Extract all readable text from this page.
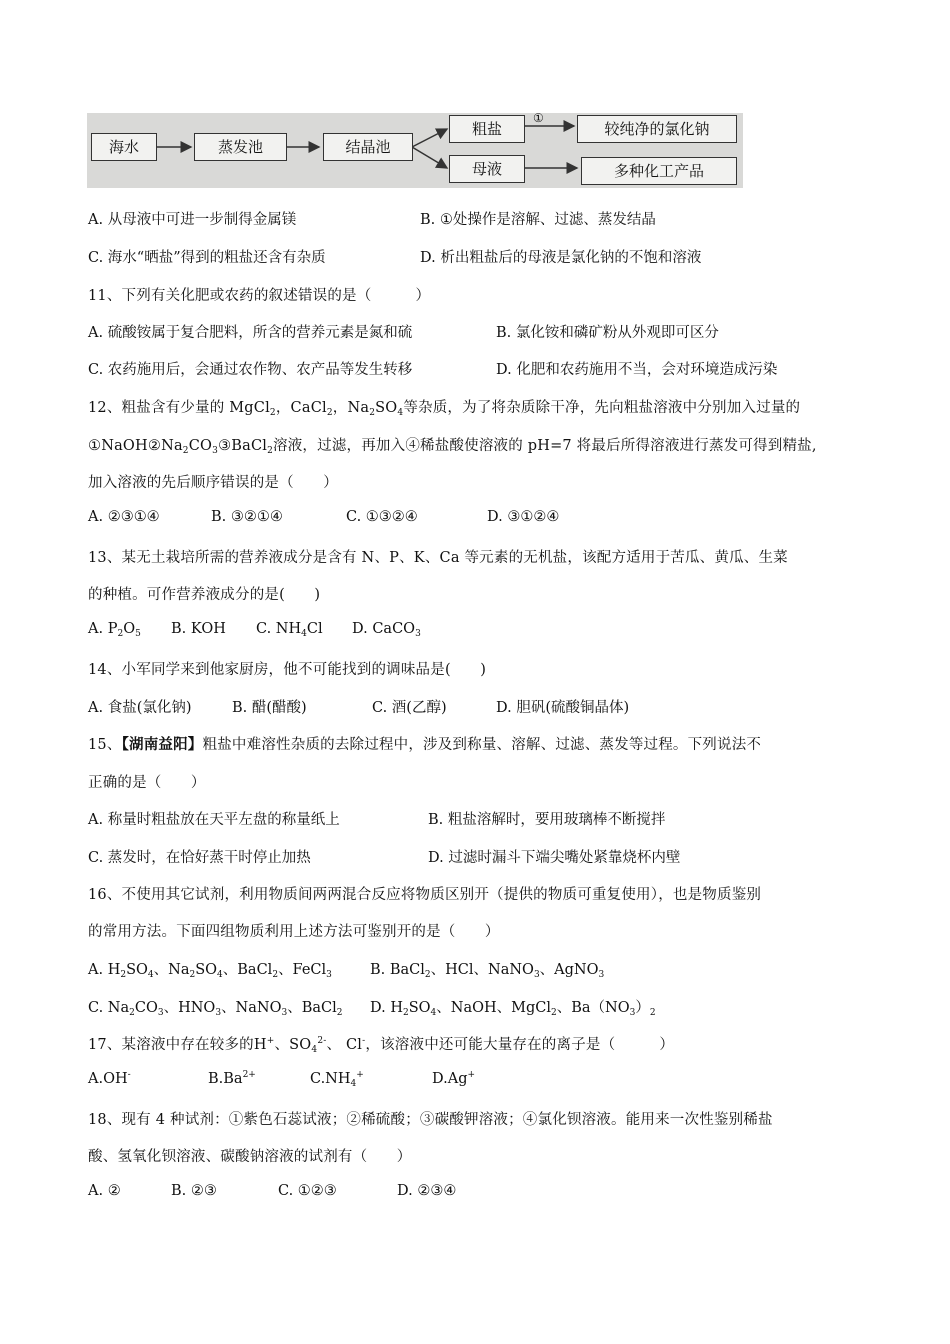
海水	蒸发池	结晶池
粗盐
母液
较纯净的氯化钠
多种化工产品
①
A. 从母液中可进一步制得金属镁	B. ①处操作是溶解、过滤、蒸发结晶
C. 海水“晒盐”得到的粗盐还含有杂质	D. 析出粗盐后的母液是氯化钠的不饱和溶液
11、下列有关化肥或农药的叙述错误的是（　　　）
A. 硫酸铵属于复合肥料，所含的营养元素是氮和硫	B. 氯化铵和磷矿粉从外观即可区分
C. 农药施用后，会通过农作物、农产品等发生转移	D. 化肥和农药施用不当，会对环境造成污染
12、粗盐含有少量的 MgCl$_2$，CaCl$_2$，$Na_2SO_4$等杂质，为了将杂质除干净，先向粗盐溶液中分别加入过量的
$①NaOH②Na_2CO_3③BaCl_2$溶液，过滤，再加入④稀盐酸使溶液的 pH=7 将最后所得溶液进行蒸发可得到精盐,
加入溶液的先后顺序错误的是（　　）
A. ②③①④	B. ③②①④	C. ①③②④	D. ③①②④
13、某无土栽培所需的营养液成分是含有 N、P、K、Ca 等元素的无机盐，该配方适用于苦瓜、黄瓜、生菜
的种植。可作营养液成分的是(　　)
A. $P_2O_5$ B. KOH C. $NH_4Cl$ D. CaCO$_3$
14、小军同学来到他家厨房，他不可能找到的调味品是(　　)
A. 食盐(氯化钠)	B. 醋(醋酸)	C. 酒(乙醇)	D. 胆矾(硫酸铜晶体)
15、【湖南益阳】粗盐中难溶性杂质的去除过程中，涉及到称量、溶解、过滤、蒸发等过程。下列说法不
正确的是（　　）
A. 称量时粗盐放在天平左盘的称量纸上	B. 粗盐溶解时，要用玻璃棒不断搅拌
C. 蒸发时，在恰好蒸干时停止加热	D. 过滤时漏斗下端尖嘴处紧靠烧杯内壁
16、不使用其它试剂，利用物质间两两混合反应将物质区别开（提供的物质可重复使用），也是物质鉴别
的常用方法。下面四组物质利用上述方法可鉴别开的是（　　）
A. $H_2SO_4$、$Na_2SO_4$、BaCl$_2$、FeCl$_3$	B. BaCl$_2$、HCl、NaNO$_3$、AgNO$_3$
C. $Na_2CO_3$、$HNO_3$、NaNO$_3$、BaCl$_2$ D. $H_2SO_4$、NaOH、MgCl$_2$、$Ba(NO_3)_2$
17、某溶液中存在较多的H+、$SO_4^{2-}$、 Cl-，该溶液中还可能大量存在的离子是（　　　）
A.OH-	$B.Ba^{2+}$	$C.NH_4^+$	D.Ag+
18、现有 4 种试剂：①紫色石蕊试液；②稀硫酸；③碳酸钾溶液；④氯化钡溶液。能用来一次性鉴别稀盐
酸、氢氧化钡溶液、碳酸钠溶液的试剂有（　　）
A. ②	B. ②③	C. ①②③	D. ②③④
